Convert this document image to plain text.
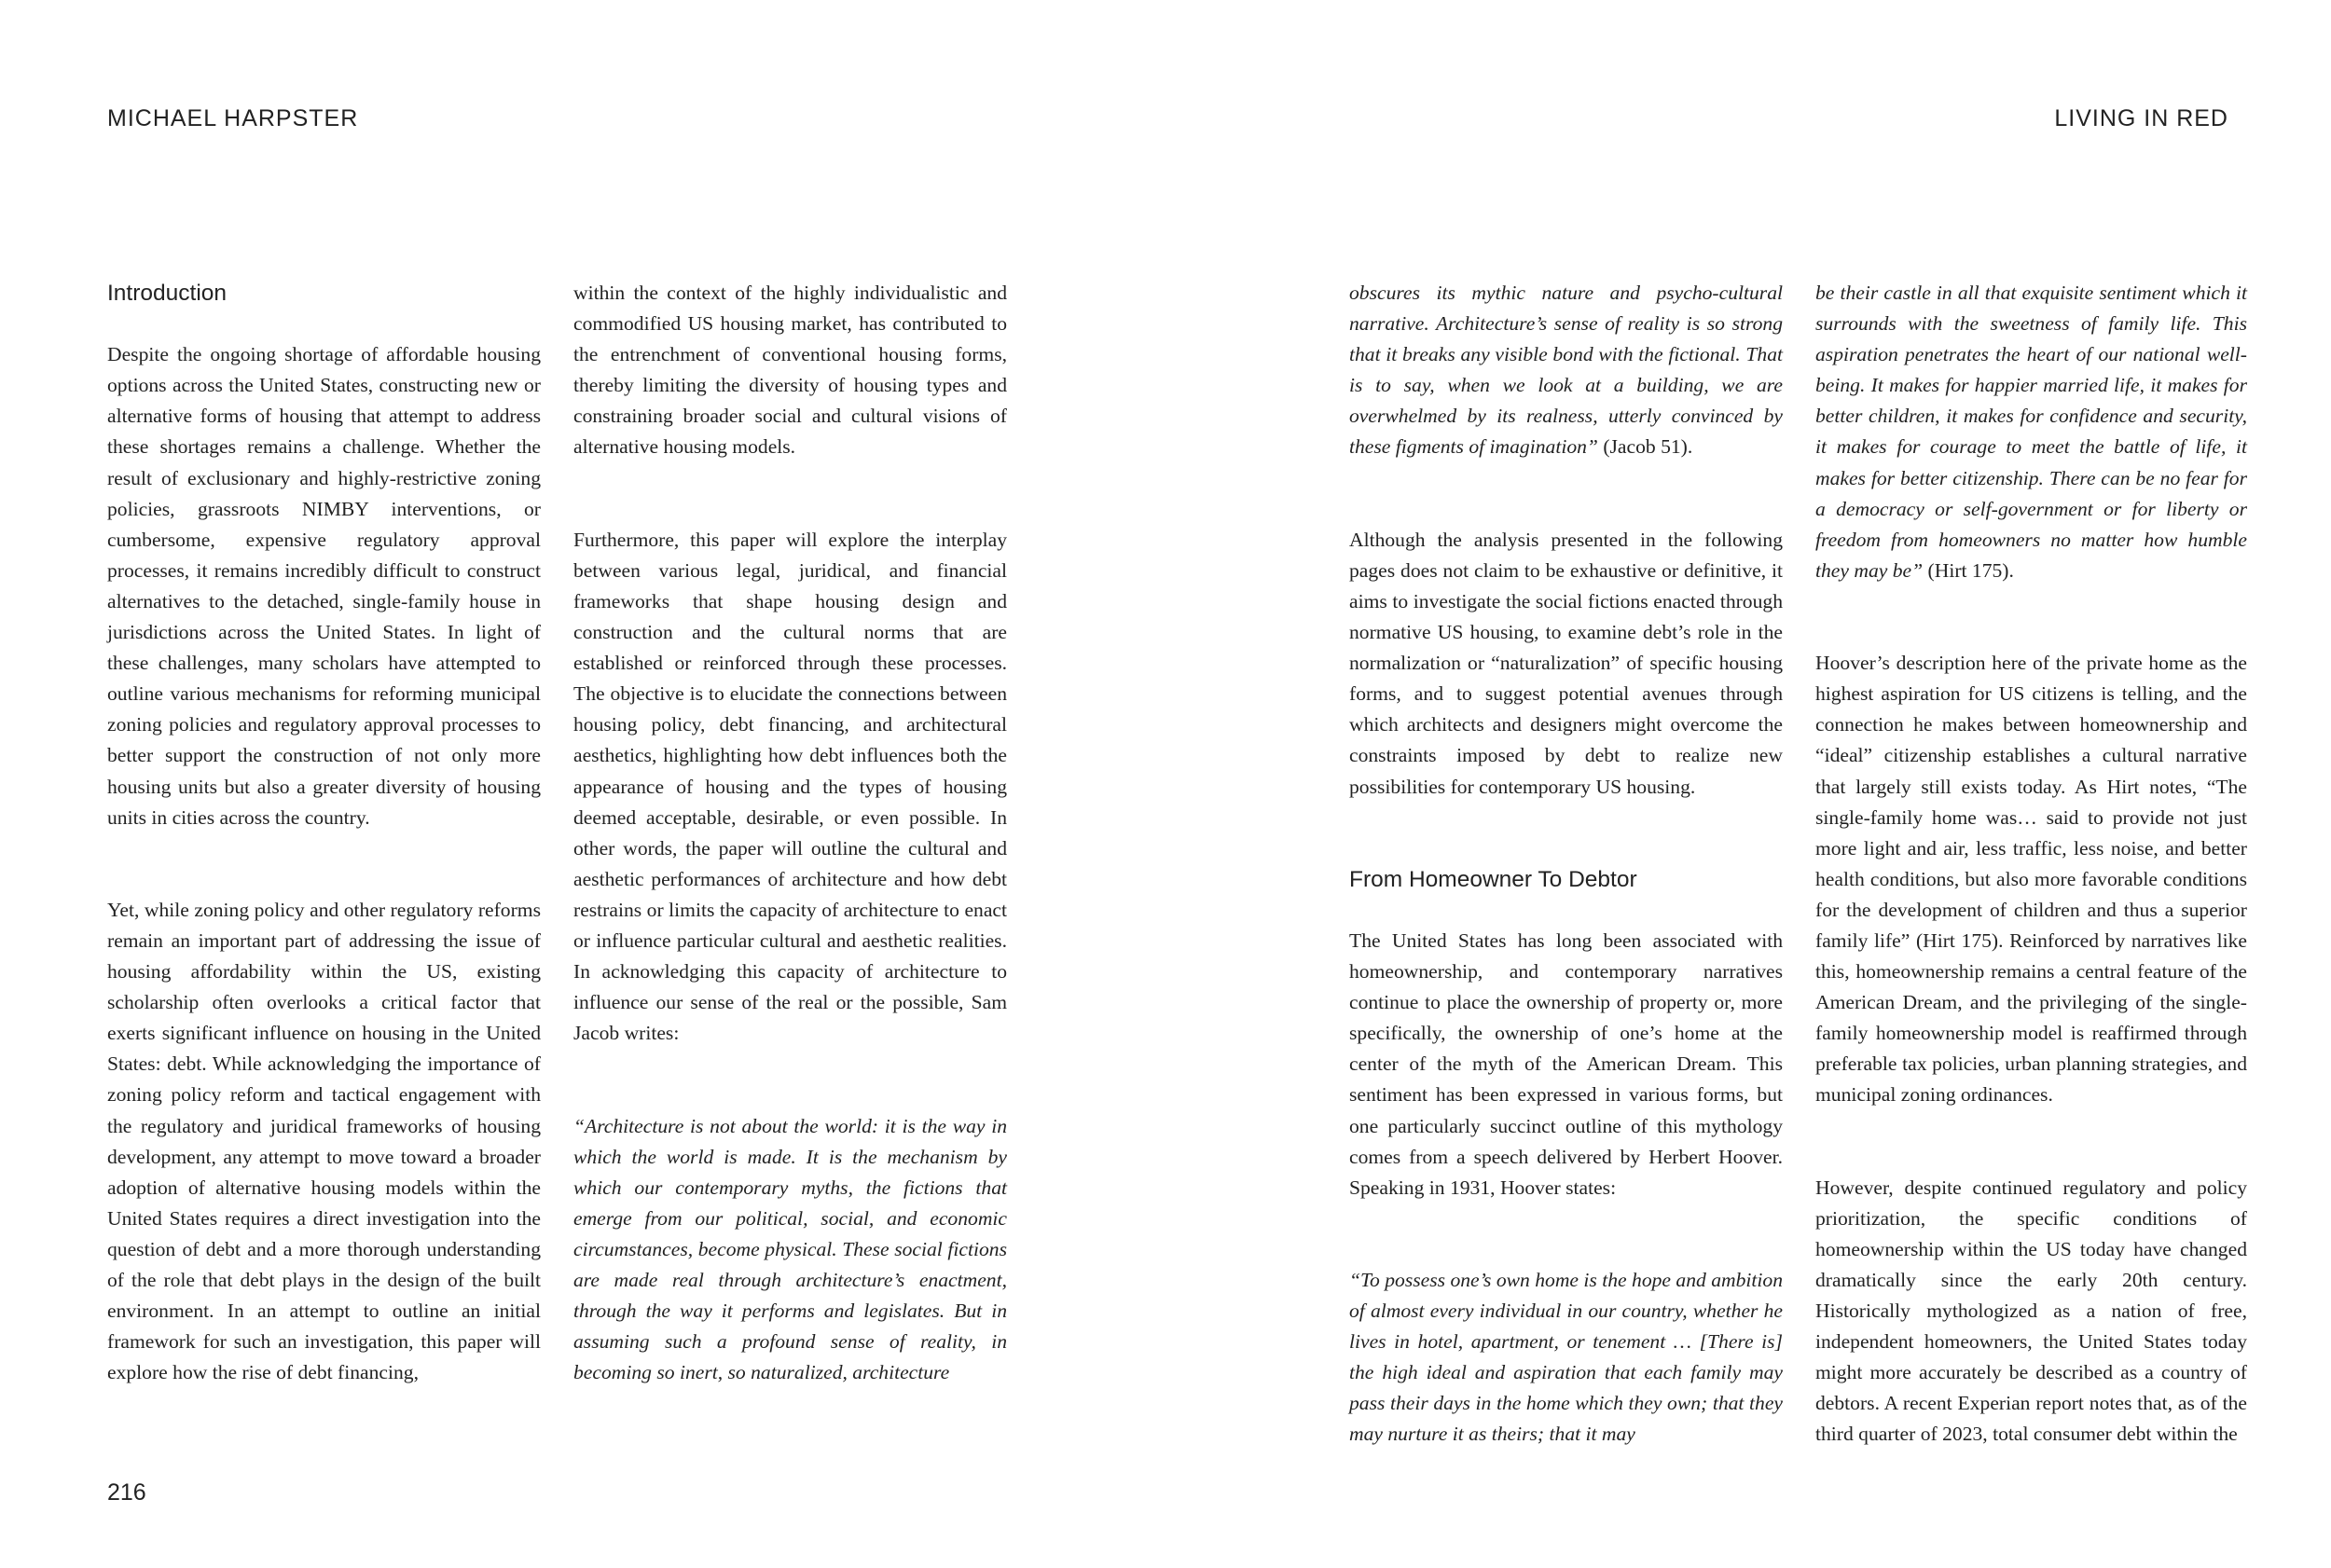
MICHAEL HARPSTER	LIVING IN RED
Introduction

Despite the ongoing shortage of affordable housing options across the United States, constructing new or alternative forms of housing that attempt to address these shortages remains a challenge. Whether the result of exclusionary and highly-restrictive zoning policies, grassroots NIMBY interventions, or cumbersome, expensive regulatory approval processes, it remains incredibly difficult to construct alternatives to the detached, single-family house in jurisdictions across the United States. In light of these challenges, many scholars have attempted to outline various mechanisms for reforming municipal zoning policies and regulatory approval processes to better support the construction of not only more housing units but also a greater diversity of housing units in cities across the country.

Yet, while zoning policy and other regulatory reforms remain an important part of addressing the issue of housing affordability within the US, existing scholarship often overlooks a critical factor that exerts significant influence on housing in the United States: debt. While acknowledging the importance of zoning policy reform and tactical engagement with the regulatory and juridical frameworks of housing development, any attempt to move toward a broader adoption of alternative housing models within the United States requires a direct investigation into the question of debt and a more thorough understanding of the role that debt plays in the design of the built environment. In an attempt to outline an initial framework for such an investigation, this paper will explore how the rise of debt financing,

within the context of the highly individualistic and commodified US housing market, has contributed to the entrenchment of conventional housing forms, thereby limiting the diversity of housing types and constraining broader social and cultural visions of alternative housing models.

Furthermore, this paper will explore the interplay between various legal, juridical, and financial frameworks that shape housing design and construction and the cultural norms that are established or reinforced through these processes. The objective is to elucidate the connections between housing policy, debt financing, and architectural aesthetics, highlighting how debt influences both the appearance of housing and the types of housing deemed acceptable, desirable, or even possible. In other words, the paper will outline the cultural and aesthetic performances of architecture and how debt restrains or limits the capacity of architecture to enact or influence particular cultural and aesthetic realities. In acknowledging this capacity of architecture to influence our sense of the real or the possible, Sam Jacob writes:

“Architecture is not about the world: it is the way in which the world is made. It is the mechanism by which our contemporary myths, the fictions that emerge from our political, social, and economic circumstances, become physical. These social fictions are made real through architecture’s enactment, through the way it performs and legislates. But in assuming such a profound sense of reality, in becoming so inert, so naturalized, architecture
obscures its mythic nature and psycho-cultural narrative. Architecture’s sense of reality is so strong that it breaks any visible bond with the fictional. That is to say, when we look at a building, we are overwhelmed by its realness, utterly convinced by these figments of imagination” (Jacob 51).

Although the analysis presented in the following pages does not claim to be exhaustive or definitive, it aims to investigate the social fictions enacted through normative US housing, to examine debt’s role in the normalization or “naturalization” of specific housing forms, and to suggest potential avenues through which architects and designers might overcome the constraints imposed by debt to realize new possibilities for contemporary US housing.

From Homeowner To Debtor

The United States has long been associated with homeownership, and contemporary narratives continue to place the ownership of property or, more specifically, the ownership of one’s home at the center of the myth of the American Dream. This sentiment has been expressed in various forms, but one particularly succinct outline of this mythology comes from a speech delivered by Herbert Hoover. Speaking in 1931, Hoover states:

“To possess one’s own home is the hope and ambition of almost every individual in our country, whether he lives in hotel, apartment, or tenement … [There is] the high ideal and aspiration that each family may pass their days in the home which they own; that they may nurture it as theirs; that it may
be their castle in all that exquisite sentiment which it surrounds with the sweetness of family life. This aspiration penetrates the heart of our national well-being. It makes for happier married life, it makes for better children, it makes for confidence and security, it makes for courage to meet the battle of life, it makes for better citizenship. There can be no fear for a democracy or self-government or for liberty or freedom from homeowners no matter how humble they may be” (Hirt 175).

Hoover’s description here of the private home as the highest aspiration for US citizens is telling, and the connection he makes between homeownership and “ideal” citizenship establishes a cultural narrative that largely still exists today. As Hirt notes, “The single-family home was… said to provide not just more light and air, less traffic, less noise, and better health conditions, but also more favorable conditions for the development of children and thus a superior family life” (Hirt 175). Reinforced by narratives like this, homeownership remains a central feature of the American Dream, and the privileging of the single-family homeownership model is reaffirmed through preferable tax policies, urban planning strategies, and municipal zoning ordinances.

However, despite continued regulatory and policy prioritization, the specific conditions of homeownership within the US today have changed dramatically since the early 20th century. Historically mythologized as a nation of free, independent homeowners, the United States today might more accurately be described as a country of debtors. A recent Experian report notes that, as of the third quarter of 2023, total consumer debt within the

216
